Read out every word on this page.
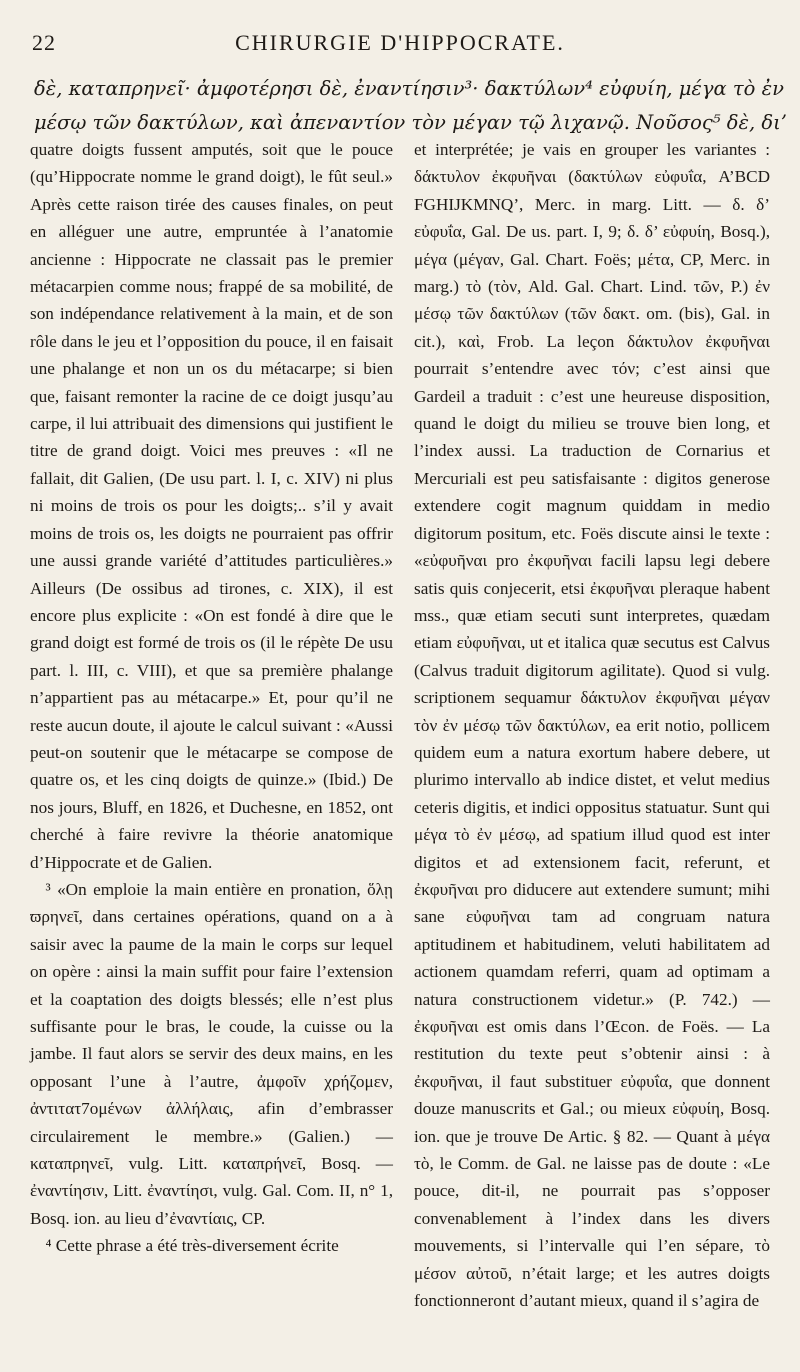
22	CHIRURGIE D'HIPPOCRATE.

δὲ, καταπρηνεῖ· ἀμφοτέρησι δὲ, ἐναντίησιν³· δακτύλων⁴ εὐφυίη, μέγα τὸ ἐν

μέσῳ τῶν δακτύλων, καὶ ἀπεναντίον τὸν μέγαν τῷ λιχανῷ. Νοῦσος⁵ δὲ, δι’

quatre doigts fussent amputés, soit que le pouce (qu’Hippocrate nomme le grand doigt), le fût seul.» Après cette raison tirée des causes finales, on peut en alléguer une autre, empruntée à l’anatomie ancienne : Hippocrate ne classait pas le premier métacarpien comme nous; frappé de sa mobilité, de son indépendance relativement à la main, et de son rôle dans le jeu et l’opposition du pouce, il en faisait une phalange et non un os du métacarpe; si bien que, faisant remonter la racine de ce doigt jusqu’au carpe, il lui attribuait des dimensions qui justifient le titre de grand doigt. Voici mes preuves : «Il ne fallait, dit Galien, (De usu part. l. I, c. XIV) ni plus ni moins de trois os pour les doigts;.. s’il y avait moins de trois os, les doigts ne pourraient pas offrir une aussi grande variété d’attitudes particulières.» Ailleurs (De ossibus ad tirones, c. XIX), il est encore plus explicite : «On est fondé à dire que le grand doigt est formé de trois os (il le répète De usu part. l. III, c. VIII), et que sa première phalange n’appartient pas au métacarpe.» Et, pour qu’il ne reste aucun doute, il ajoute le calcul suivant : «Aussi peut-on soutenir que le métacarpe se compose de quatre os, et les cinq doigts de quinze.» (Ibid.) De nos jours, Bluff, en 1826, et Duchesne, en 1852, ont cherché à faire revivre la théorie anatomique d’Hippocrate et de Galien.

³ «On emploie la main entière en pronation, ὅλῃ ϖρηνεῖ, dans certaines opérations, quand on a à saisir avec la paume de la main le corps sur lequel on opère : ainsi la main suffit pour faire l’extension et la coaptation des doigts blessés; elle n’est plus suffisante pour le bras, le coude, la cuisse ou la jambe. Il faut alors se servir des deux mains, en les opposant l’une à l’autre, ἀμφοῖν χρήζομεν, ἀντιτατ7ομένων ἀλλήλαις, afin d’embrasser circulairement le membre.» (Galien.) — καταπρηνεῖ, vulg. Litt. καταπρήνεῖ, Bosq. — ἐναντίησιν, Litt. ἐναντίησι, vulg. Gal. Com. II, n° 1, Bosq. ion. au lieu d’ἐναντίαις, CP.

⁴ Cette phrase a été très-diversement écrite

et interprétée; je vais en grouper les variantes : δάκτυλον ἐκφυῆναι (δακτύλων εὐφυΐα, A’BCD FGHIJKMNQ’, Merc. in marg. Litt. — δ. δ’ εὐφυΐα, Gal. De us. part. I, 9; δ. δ’ εὐφυίη, Bosq.), μέγα (μέγαν, Gal. Chart. Foës; μέτα, CP, Merc. in marg.) τὸ (τὸν, Ald. Gal. Chart. Lind. τῶν, P.) ἐν μέσῳ τῶν δακτύλων (τῶν δακτ. om. (bis), Gal. in cit.), καὶ, Frob. La leçon δάκτυλον ἐκφυῆναι pourrait s’entendre avec τόν; c’est ainsi que Gardeil a traduit : c’est une heureuse disposition, quand le doigt du milieu se trouve bien long, et l’index aussi. La traduction de Cornarius et Mercuriali est peu satisfaisante : digitos generose extendere cogit magnum quiddam in medio digitorum positum, etc. Foës discute ainsi le texte : «εὐφυῆναι pro ἐκφυῆναι facili lapsu legi debere satis quis conjecerit, etsi ἐκφυῆναι pleraque habent mss., quæ etiam secuti sunt interpretes, quædam etiam εὐφυῆναι, ut et italica quæ secutus est Calvus (Calvus traduit digitorum agilitate). Quod si vulg. scriptionem sequamur δάκτυλον ἐκφυῆναι μέγαν τὸν ἐν μέσῳ τῶν δακτύλων, ea erit notio, pollicem quidem eum a natura exortum habere debere, ut plurimo intervallo ab indice distet, et velut medius ceteris digitis, et indici oppositus statuatur. Sunt qui μέγα τὸ ἐν μέσῳ, ad spatium illud quod est inter digitos et ad extensionem facit, referunt, et ἐκφυῆναι pro diducere aut extendere sumunt; mihi sane εὐφυῆναι tam ad congruam natura aptitudinem et habitudinem, veluti habilitatem ad actionem quamdam referri, quam ad optimam a natura constructionem videtur.» (P. 742.) — ἐκφυῆναι est omis dans l’Œcon. de Foës. — La restitution du texte peut s’obtenir ainsi : à ἐκφυῆναι, il faut substituer εὐφυΐα, que donnent douze manuscrits et Gal.; ou mieux εὐφυίη, Bosq. ion. que je trouve De Artic. § 82. — Quant à μέγα τὸ, le Comm. de Gal. ne laisse pas de doute : «Le pouce, dit-il, ne pourrait pas s’opposer convenablement à l’index dans les divers mouvements, si l’intervalle qui l’en sépare, τὸ μέσον αὐτοῦ, n’était large; et les autres doigts fonctionneront d’autant mieux, quand il s’agira de
